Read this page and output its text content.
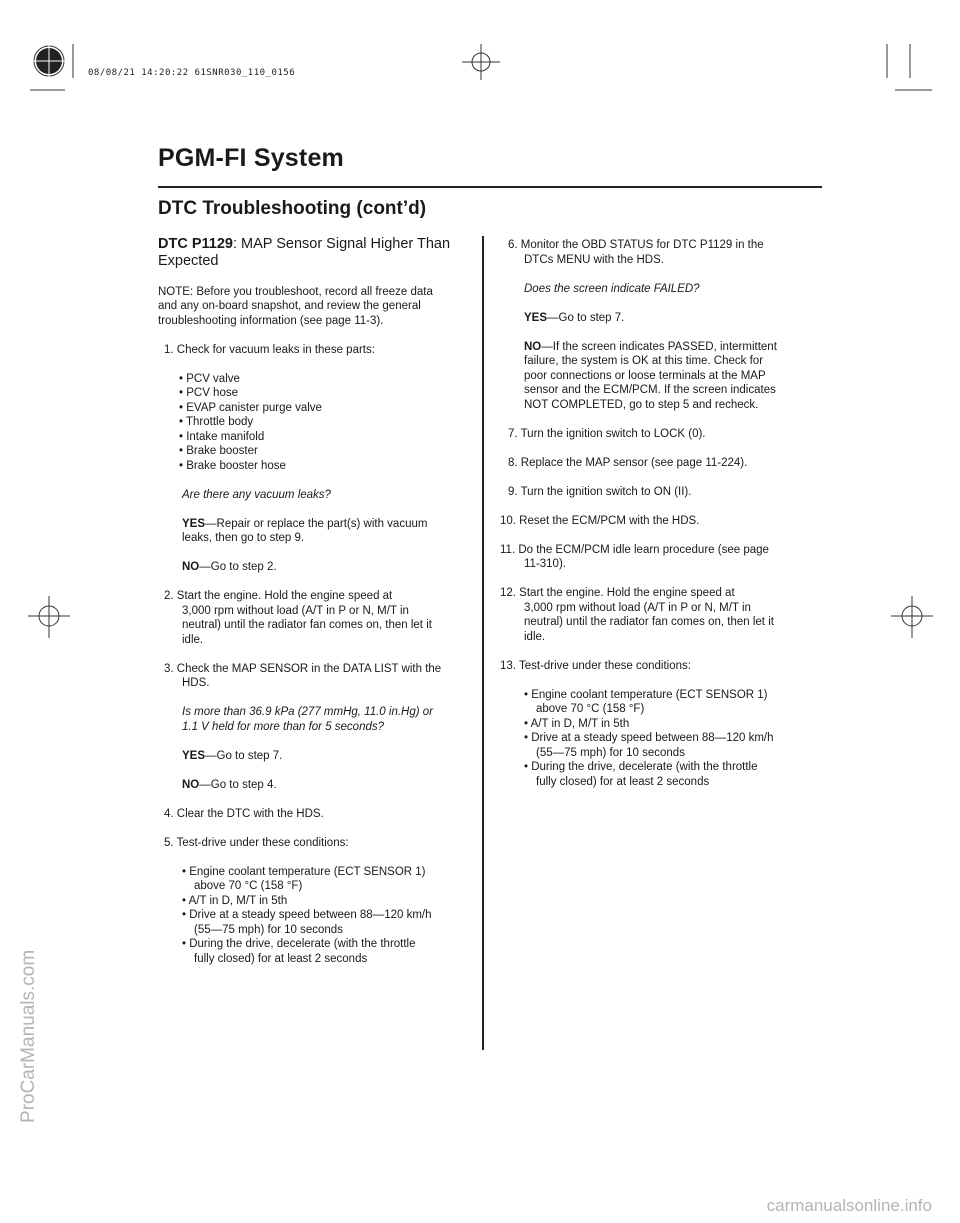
08/08/21 14:20:22 61SNR030_110_0156
PGM-FI System
DTC Troubleshooting (cont’d)

DTC P1129: MAP Sensor Signal Higher Than

Expected

NOTE: Before you troubleshoot, record all freeze data

and any on-board snapshot, and review the general

troubleshooting information (see page 11-3).

1. Check for vacuum leaks in these parts:

• PCV valve

• PCV hose

• EVAP canister purge valve

• Throttle body

• Intake manifold

• Brake booster

• Brake booster hose

Are there any vacuum leaks?

YES—Repair or replace the part(s) with vacuum

leaks, then go to step 9.

NO—Go to step 2.

2. Start the engine. Hold the engine speed at

3,000 rpm without load (A/T in P or N, M/T in

neutral) until the radiator fan comes on, then let it

idle.

3. Check the MAP SENSOR in the DATA LIST with the

HDS.

Is more than 36.9 kPa (277 mmHg, 11.0 in.Hg) or

1.1 V held for more than for 5 seconds?

YES—Go to step 7.

NO—Go to step 4.

4. Clear the DTC with the HDS.

5. Test-drive under these conditions:

• Engine coolant temperature (ECT SENSOR 1)

above 70 °C (158 °F)

• A/T in D, M/T in 5th

• Drive at a steady speed between 88—120 km/h

(55—75 mph) for 10 seconds

• During the drive, decelerate (with the throttle

fully closed) for at least 2 seconds

6. Monitor the OBD STATUS for DTC P1129 in the

DTCs MENU with the HDS.

Does the screen indicate FAILED?

YES—Go to step 7.

NO—If the screen indicates PASSED, intermittent

failure, the system is OK at this time. Check for

poor connections or loose terminals at the MAP

sensor and the ECM/PCM. If the screen indicates

NOT COMPLETED, go to step 5 and recheck.

7. Turn the ignition switch to LOCK (0).

8. Replace the MAP sensor (see page 11-224).

9. Turn the ignition switch to ON (II).

10. Reset the ECM/PCM with the HDS.

11. Do the ECM/PCM idle learn procedure (see page

11-310).

12. Start the engine. Hold the engine speed at

3,000 rpm without load (A/T in P or N, M/T in

neutral) until the radiator fan comes on, then let it

idle.

13. Test-drive under these conditions:

• Engine coolant temperature (ECT SENSOR 1)

above 70 °C (158 °F)

• A/T in D, M/T in 5th

• Drive at a steady speed between 88—120 km/h

(55—75 mph) for 10 seconds

• During the drive, decelerate (with the throttle

fully closed) for at least 2 seconds

ProCarManuals.com
carmanualsonline.info
